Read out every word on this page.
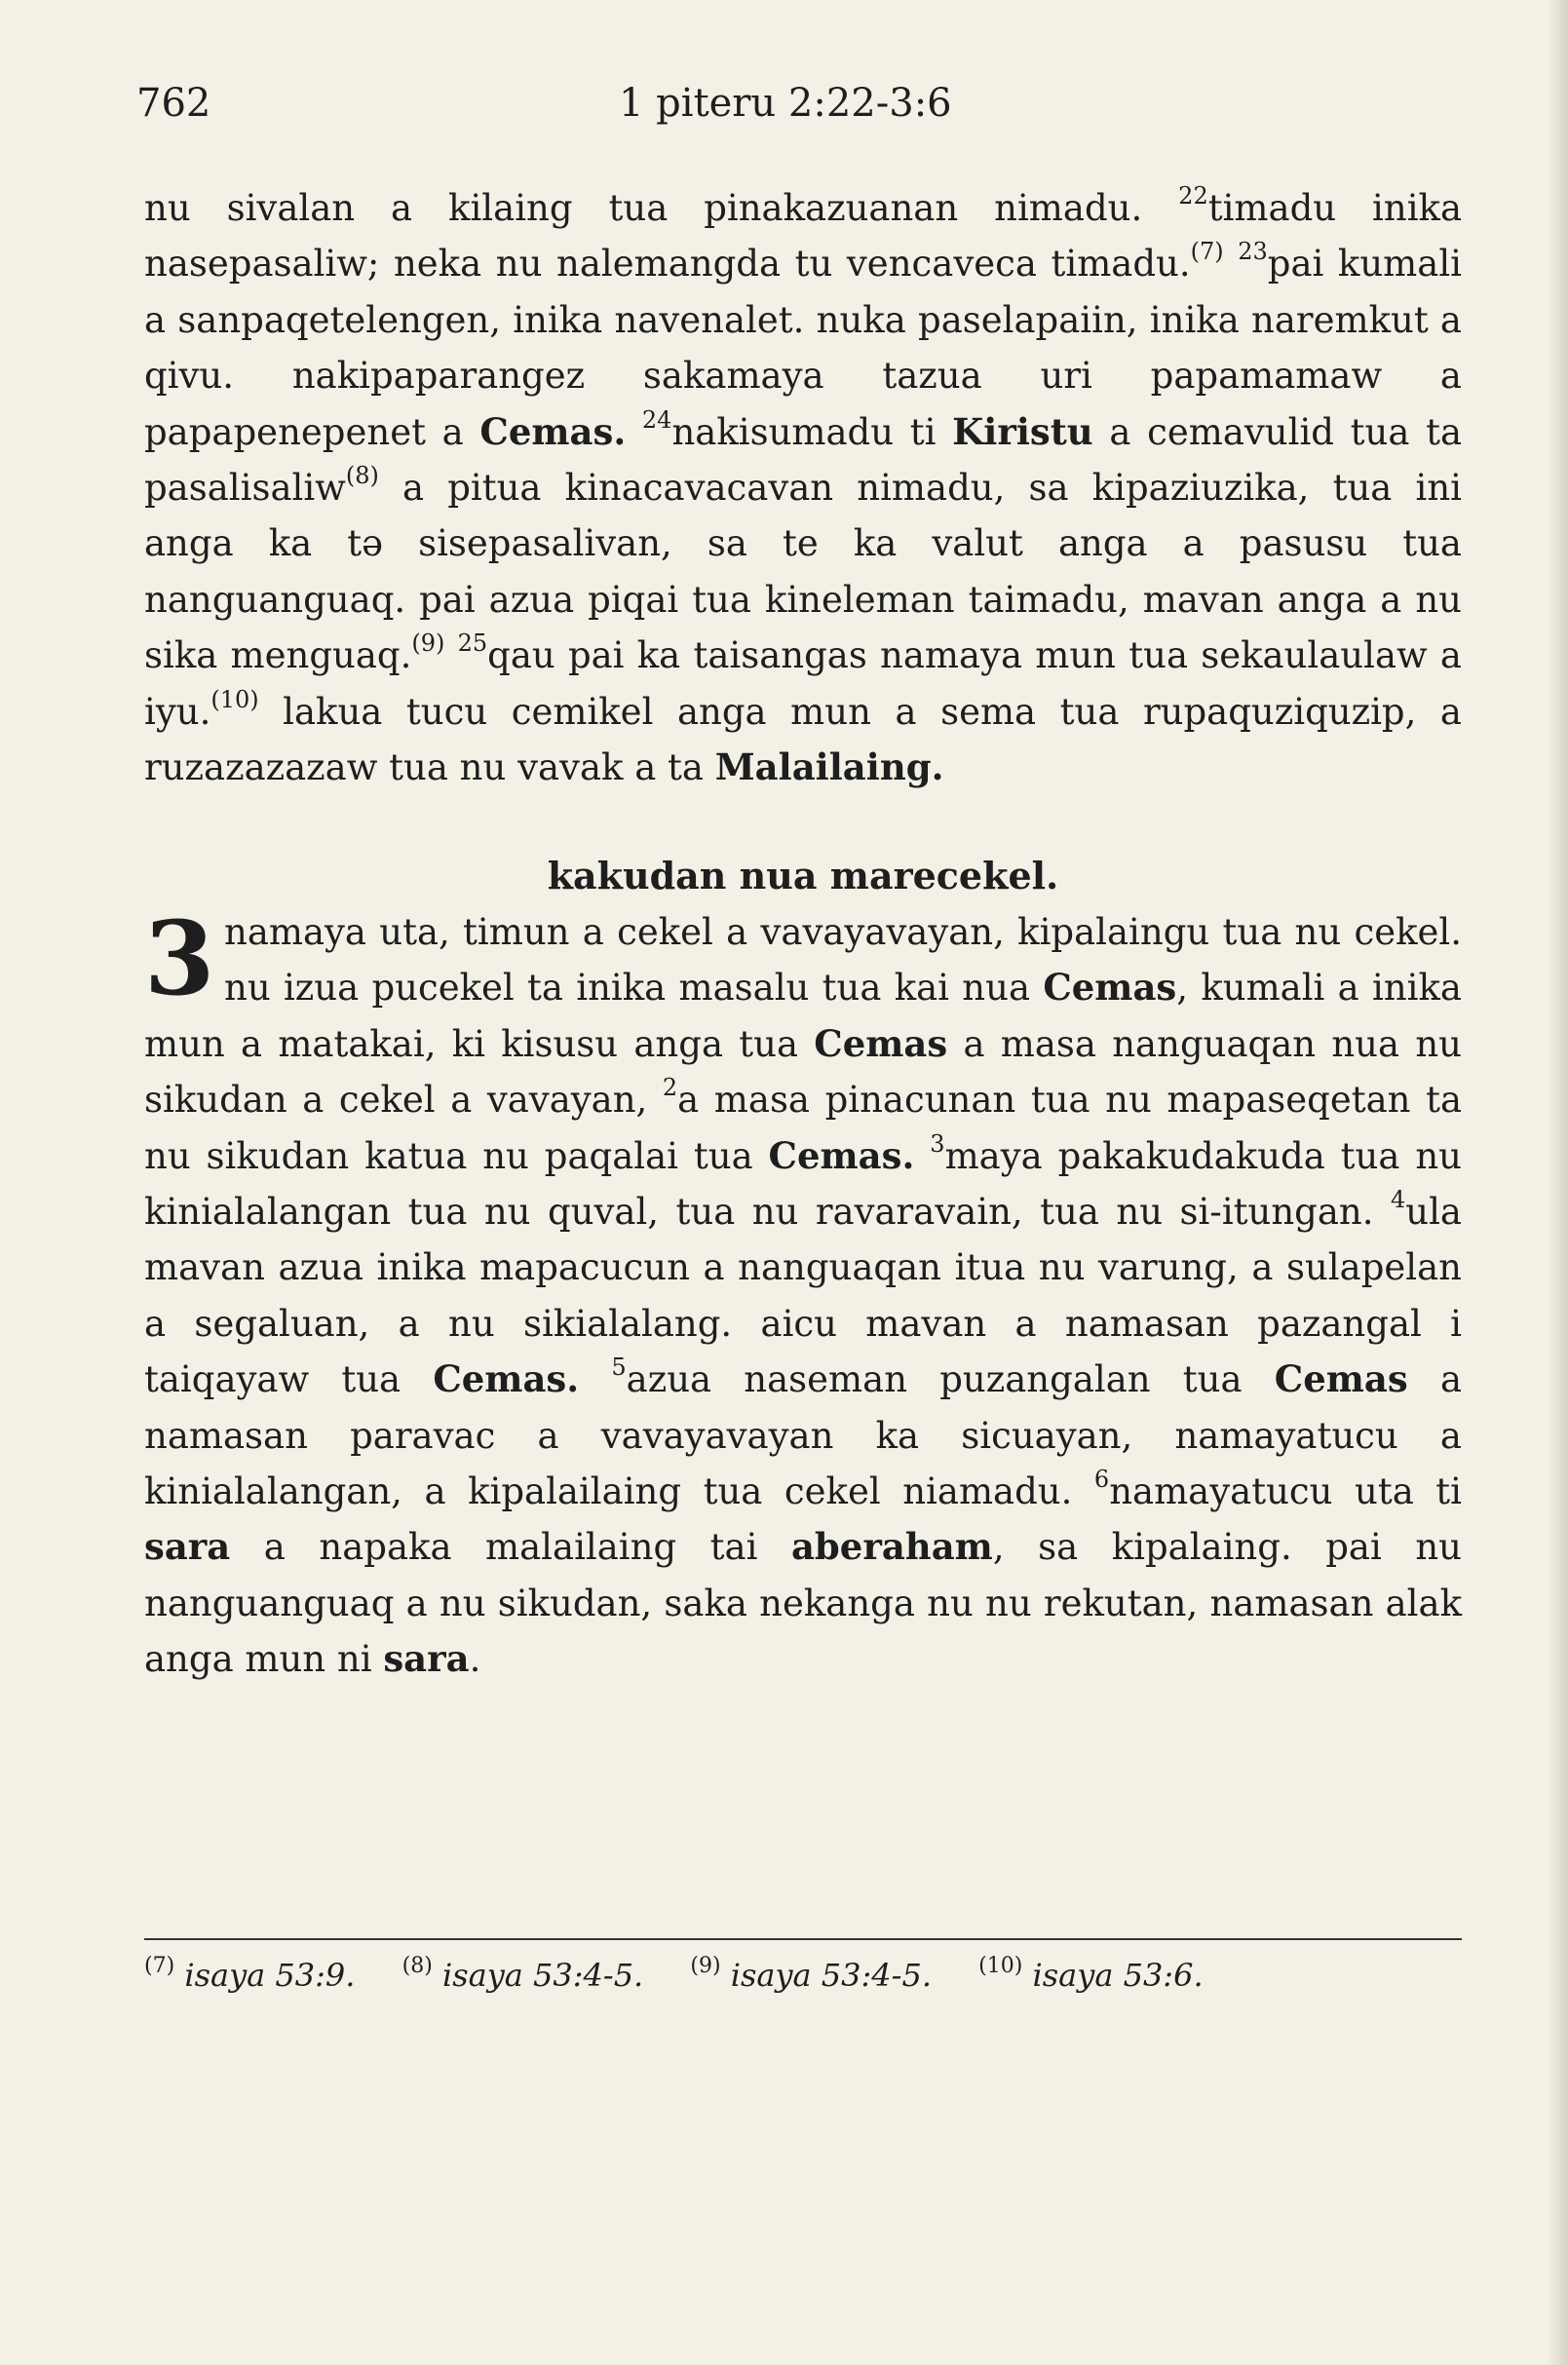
762	1 piteru 2:22-3:6

nu sivalan a kilaing tua pinakazuanan nimadu. $^{22}$timadu inika nasepasaliw; neka nu nalemangda tu vencaveca timadu.$^{(7)}$ $^{23}$pai kumali a sanpaqetelengen, inika navenalet. nuka paselapaiin, inika naremkut a qivu. nakipaparangez sakamaya tazua uri papamamaw a papapenepenet a Cemas. $^{24}$nakisumadu ti Kiristu a cemavulid tua ta pasalisaliw$^{(8)}$ a pitua kinacavacavan nimadu, sa kipaziuzika, tua ini anga ka tə sisepasalivan, sa te ka valut anga a pasusu tua nanguanguaq. pai azua piqai tua kineleman taimadu, mavan anga a nu sika menguaq.$^{(9)}$ $^{25}$qau pai ka taisangas namaya mun tua sekaulaulaw a iyu.$^{(10)}$ lakua tucu cemikel anga mun a sema tua rupaquziquzip, a ruzazazazaw tua nu vavak a ta Malailaing.

kakudan nua marecekel.

3 namaya uta, timun a cekel a vavayavayan, kipalaingu tua nu cekel. nu izua pucekel ta inika masalu tua kai nua Cemas, kumali a inika mun a matakai, ki kisusu anga tua Cemas a masa nanguaqan nua nu sikudan a cekel a vavayan, $^2$a masa pinacunan tua nu mapaseqetan ta nu sikudan katua nu paqalai tua Cemas. $^3$maya pakakudakuda tua nu kinialalangan tua nu quval, tua nu ravaravain, tua nu si-itungan. $^4$ula mavan azua inika mapacucun a nanguaqan itua nu varung, a sulapelan a segaluan, a nu sikialalang. aicu mavan a namasan pazangal i taiqayaw tua Cemas. $^5$azua naseman puzangalan tua Cemas a namasan paravac a vavayavayan ka sicuayan, namayatucu a kinialalangan, a kipalailaing tua cekel niamadu. $^6$namayatucu uta ti sara a napaka malailaing tai aberaham, sa kipalaing. pai nu nanguanguaq a nu sikudan, saka nekanga nu nu rekutan, namasan alak anga mun ni sara.

$^{(7)}$ isaya 53:9. $^{(8)}$ isaya 53:4-5. $^{(9)}$ isaya 53:4-5. $^{(10)}$ isaya 53:6.
